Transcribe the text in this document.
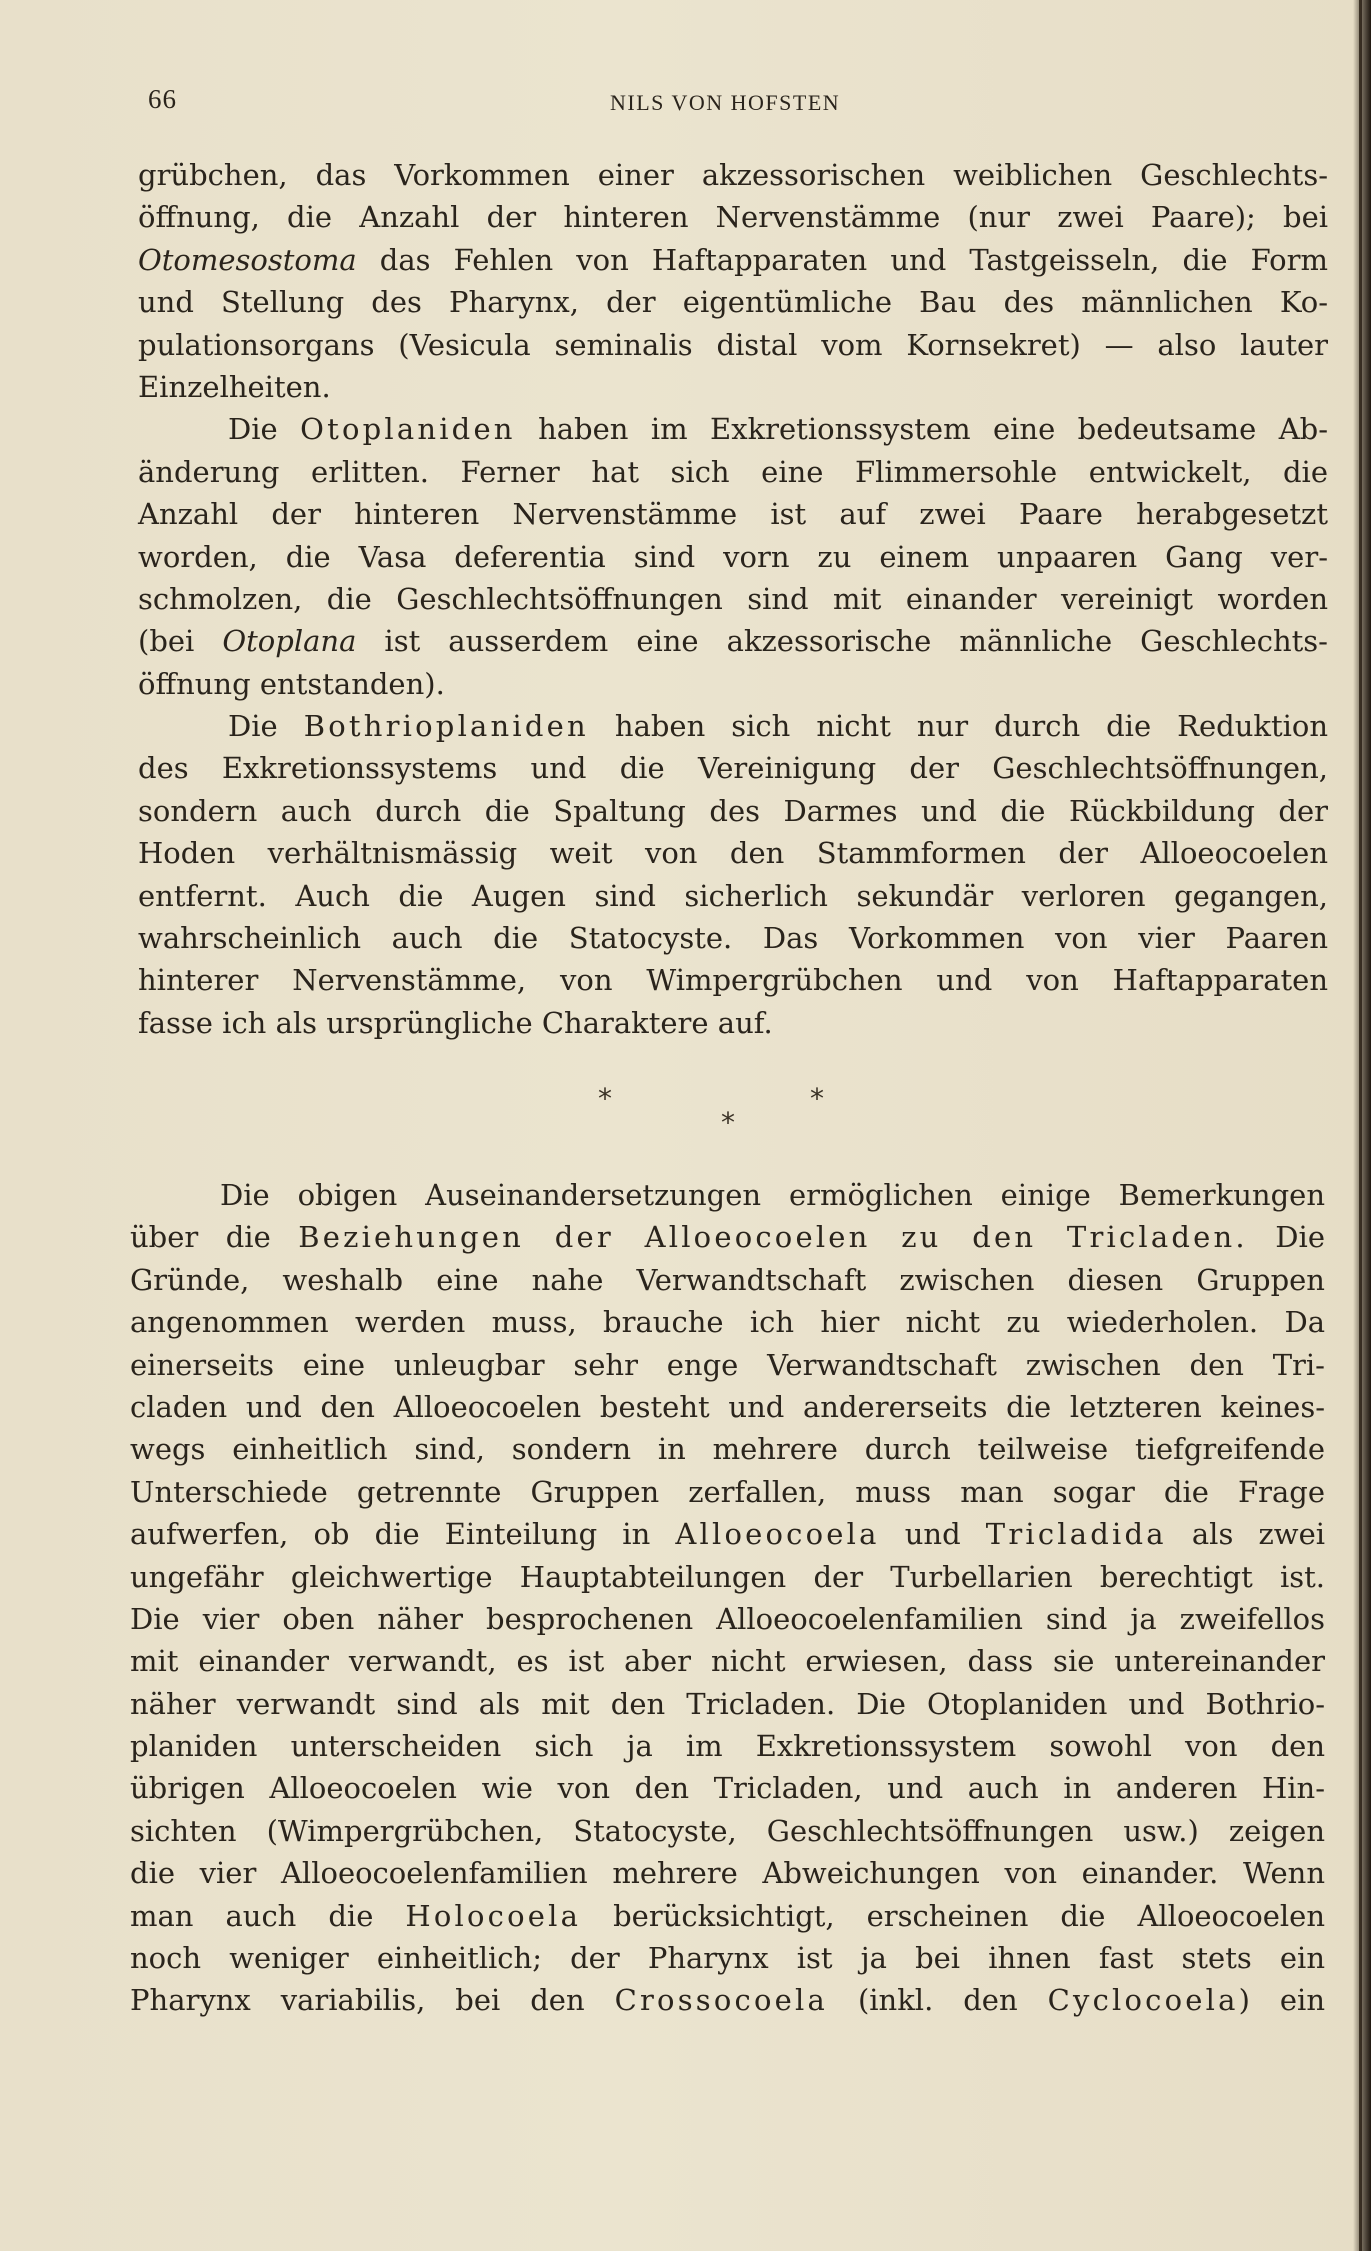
66	NILS VON HOFSTEN
grübchen, das Vorkommen einer akzessorischen weiblichen Geschlechts-
öffnung, die Anzahl der hinteren Nervenstämme (nur zwei Paare); bei
Otomesostoma das Fehlen von Haftapparaten und Tastgeisseln, die Form
und Stellung des Pharynx, der eigentümliche Bau des männlichen Ko-
pulationsorgans (Vesicula seminalis distal vom Kornsekret) — also lauter
Einzelheiten.
Die Otoplaniden haben im Exkretionssystem eine bedeutsame Ab-
änderung erlitten. Ferner hat sich eine Flimmersohle entwickelt, die
Anzahl der hinteren Nervenstämme ist auf zwei Paare herabgesetzt
worden, die Vasa deferentia sind vorn zu einem unpaaren Gang ver-
schmolzen, die Geschlechtsöffnungen sind mit einander vereinigt worden
(bei Otoplana ist ausserdem eine akzessorische männliche Geschlechts-
öffnung entstanden).
Die Bothrioplaniden haben sich nicht nur durch die Reduktion
des Exkretionssystems und die Vereinigung der Geschlechtsöffnungen,
sondern auch durch die Spaltung des Darmes und die Rückbildung der
Hoden verhältnismässig weit von den Stammformen der Alloeocoelen
entfernt. Auch die Augen sind sicherlich sekundär verloren gegangen,
wahrscheinlich auch die Statocyste. Das Vorkommen von vier Paaren
hinterer Nervenstämme, von Wimpergrübchen und von Haftapparaten
fasse ich als ursprüngliche Charaktere auf.
*	*
*
Die obigen Auseinandersetzungen ermöglichen einige Bemerkungen
über die Beziehungen der Alloeocoelen zu den Tricladen. Die
Gründe, weshalb eine nahe Verwandtschaft zwischen diesen Gruppen
angenommen werden muss, brauche ich hier nicht zu wiederholen. Da
einerseits eine unleugbar sehr enge Verwandtschaft zwischen den Tri-
claden und den Alloeocoelen besteht und andererseits die letzteren keines-
wegs einheitlich sind, sondern in mehrere durch teilweise tiefgreifende
Unterschiede getrennte Gruppen zerfallen, muss man sogar die Frage
aufwerfen, ob die Einteilung in Alloeocoela und Tricladida als zwei
ungefähr gleichwertige Hauptabteilungen der Turbellarien berechtigt ist.
Die vier oben näher besprochenen Alloeocoelenfamilien sind ja zweifellos
mit einander verwandt, es ist aber nicht erwiesen, dass sie untereinander
näher verwandt sind als mit den Tricladen. Die Otoplaniden und Bothrio-
planiden unterscheiden sich ja im Exkretionssystem sowohl von den
übrigen Alloeocoelen wie von den Tricladen, und auch in anderen Hin-
sichten (Wimpergrübchen, Statocyste, Geschlechtsöffnungen usw.) zeigen
die vier Alloeocoelenfamilien mehrere Abweichungen von einander. Wenn
man auch die Holocoela berücksichtigt, erscheinen die Alloeocoelen
noch weniger einheitlich; der Pharynx ist ja bei ihnen fast stets ein
Pharynx variabilis, bei den Crossocoela (inkl. den Cyclocoela) ein
